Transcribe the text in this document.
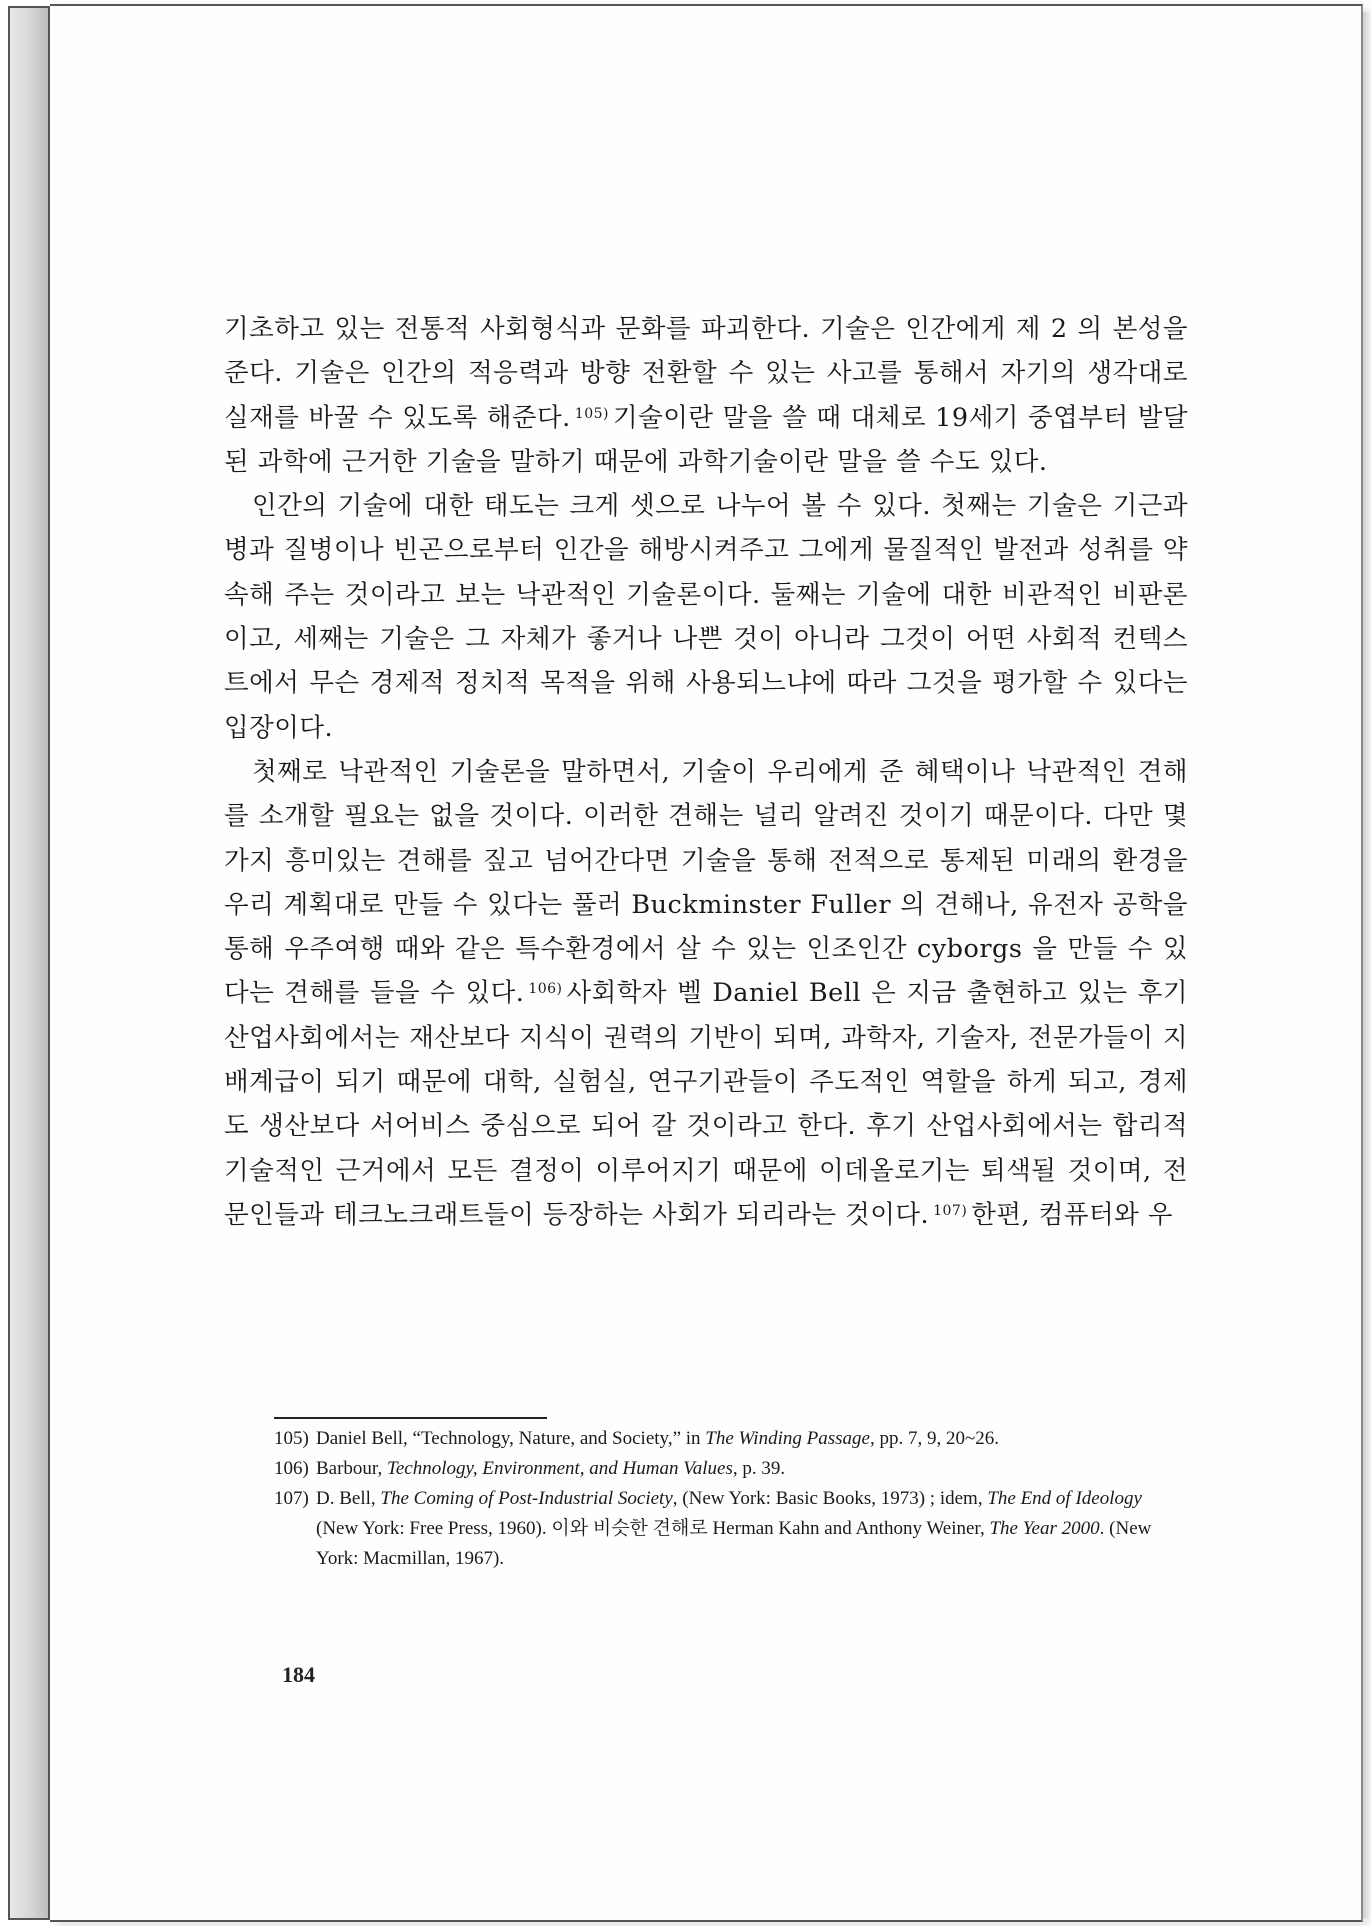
기초하고 있는 전통적 사회형식과 문화를 파괴한다. 기술은 인간에게 제 2 의 본성을 준다. 기술은 인간의 적응력과 방향 전환할 수 있는 사고를 통해서 자기의 생각대로 실재를 바꿀 수 있도록 해준다. $^{105)}$ 기술이란 말을 쓸 때 대체로 19세기 중엽부터 발달된 과학에 근거한 기술을 말하기 때문에 과학기술이란 말을 쓸 수도 있다.

인간의 기술에 대한 태도는 크게 셋으로 나누어 볼 수 있다. 첫째는 기술은 기근과 병과 질병이나 빈곤으로부터 인간을 해방시켜주고 그에게 물질적인 발전과 성취를 약속해 주는 것이라고 보는 낙관적인 기술론이다. 둘째는 기술에 대한 비관적인 비판론이고, 세째는 기술은 그 자체가 좋거나 나쁜 것이 아니라 그것이 어떤 사회적 컨텍스트에서 무슨 경제적 정치적 목적을 위해 사용되느냐에 따라 그것을 평가할 수 있다는 입장이다.

첫째로 낙관적인 기술론을 말하면서, 기술이 우리에게 준 혜택이나 낙관적인 견해를 소개할 필요는 없을 것이다. 이러한 견해는 널리 알려진 것이기 때문이다. 다만 몇 가지 흥미있는 견해를 짚고 넘어간다면 기술을 통해 전적으로 통제된 미래의 환경을 우리 계획대로 만들 수 있다는 풀러 Buckminster Fuller 의 견해나, 유전자 공학을 통해 우주여행 때와 같은 특수환경에서 살 수 있는 인조인간 cyborgs 을 만들 수 있다는 견해를 들을 수 있다. $^{106)}$ 사회학자 벨 Daniel Bell 은 지금 출현하고 있는 후기산업사회에서는 재산보다 지식이 권력의 기반이 되며, 과학자, 기술자, 전문가들이 지배계급이 되기 때문에 대학, 실험실, 연구기관들이 주도적인 역할을 하게 되고, 경제도 생산보다 서어비스 중심으로 되어 갈 것이라고 한다. 후기 산업사회에서는 합리적 기술적인 근거에서 모든 결정이 이루어지기 때문에 이데올로기는 퇴색될 것이며, 전문인들과 테크노크래트들이 등장하는 사회가 되리라는 것이다. $^{107)}$ 한편, 컴퓨터와 우

105) Daniel Bell, “Technology, Nature, and Society,” in The Winding Passage, pp. 7, 9, 20~26.
106) Barbour, Technology, Environment, and Human Values, p. 39.
107) D. Bell, The Coming of Post-Industrial Society, (New York: Basic Books, 1973) ; idem, The End of Ideology (New York: Free Press, 1960). 이와 비슷한 견해로 Herman Kahn and Anthony Weiner, The Year 2000. (New York: Macmillan, 1967).
184
